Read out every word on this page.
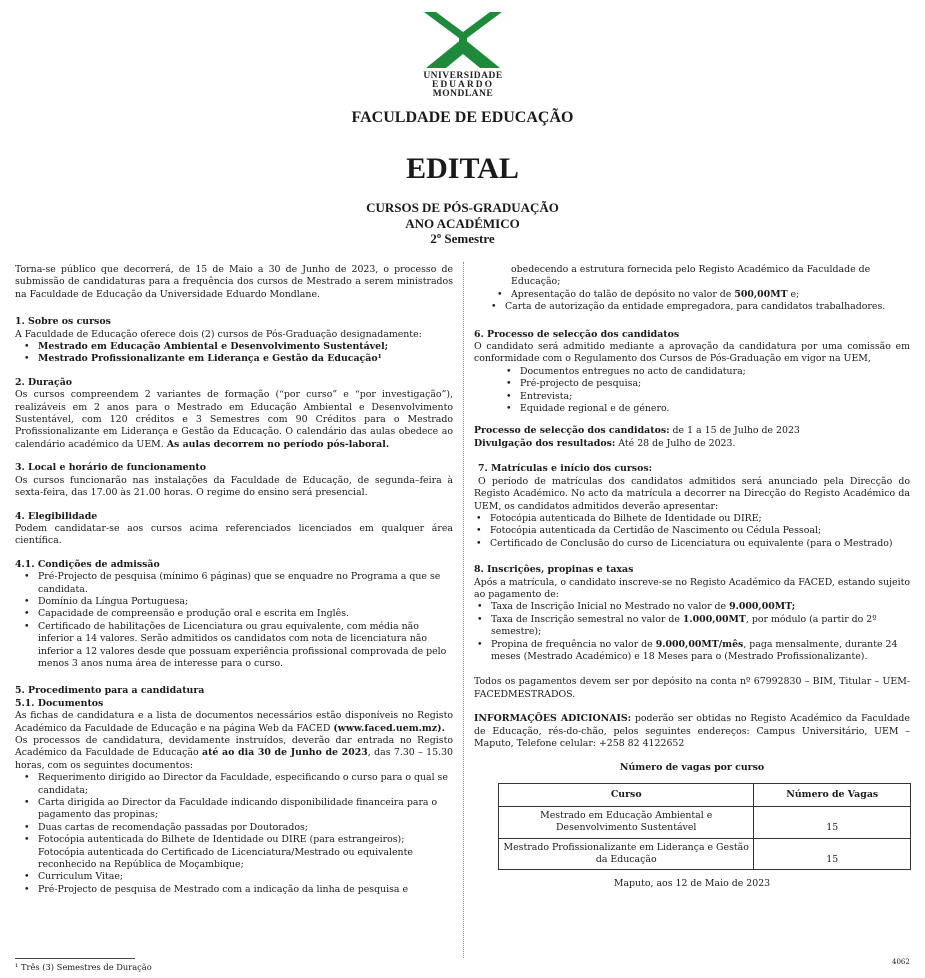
UNIVERSIDADE
EDUARDO
MONDLANE
FACULDADE DE EDUCAÇÃO
EDITAL
CURSOS DE PÓS-GRADUAÇÃO
ANO ACADÉMICO
2º Semestre

Torna-se público que decorrerá, de 15 de Maio a 30 de Junho de 2023, o processo de submissão de candidaturas para a frequência dos cursos de Mestrado a serem ministrados na Faculdade de Educação da Universidade Eduardo Mondlane.

1. Sobre os cursos

A Faculdade de Educação oferece dois (2) cursos de Pós-Graduação designadamente:

• Mestrado em Educação Ambiental e Desenvolvimento Sustentável;
• Mestrado Profissionalizante em Liderança e Gestão da Educação¹
2. Duração

Os cursos compreendem 2 variantes de formação (“por curso” e “por investigação”), realizáveis em 2 anos para o Mestrado em Educação Ambiental e Desenvolvimento Sustentável, com 120 créditos e 3 Semestres com 90 Créditos para o Mestrado Profissionalizante em Liderança e Gestão da Educação. O calendário das aulas obedece ao calendário académico da UEM. As aulas decorrem no período pós-laboral.

3. Local e horário de funcionamento

Os cursos funcionarão nas instalações da Faculdade de Educação, de segunda–feira à sexta-feira, das 17.00 às 21.00 horas. O regime do ensino será presencial.

4. Elegibilidade

Podem candidatar-se aos cursos acima referenciados licenciados em qualquer área científica.

4.1. Condições de admissão
• Pré-Projecto de pesquisa (mínimo 6 páginas) que se enquadre no Programa a que se candidata.
• Domínio da Língua Portuguesa;
• Capacidade de compreensão e produção oral e escrita em Inglês.
• Certificado de habilitações de Licenciatura ou grau equivalente, com média não inferior a 14 valores. Serão admitidos os candidatos com nota de licenciatura não inferior a 12 valores desde que possuam experiência profissional comprovada de pelo menos 3 anos numa área de interesse para o curso.
5. Procedimento para a candidatura
5.1. Documentos

As fichas de candidatura e a lista de documentos necessários estão disponíveis no Registo Académico da Faculdade de Educação e na página Web da FACED (www.faced.uem.mz).

Os processos de candidatura, devidamente instruídos, deverão dar entrada no Registo Académico da Faculdade de Educação até ao dia 30 de Junho de 2023, das 7.30 – 15.30 horas, com os seguintes documentos:

• Requerimento dirigido ao Director da Faculdade, especificando o curso para o qual se candidata;
• Carta dirigida ao Director da Faculdade indicando disponibilidade financeira para o pagamento das propinas;
• Duas cartas de recomendação passadas por Doutorados;
• Fotocópia autenticada do Bilhete de Identidade ou DIRE (para estrangeiros); Fotocópia autenticada do Certificado de Licenciatura/Mestrado ou equivalente reconhecido na República de Moçambique;
• Curriculum Vitae;
• Pré-Projecto de pesquisa de Mestrado com a indicação da linha de pesquisa e
obedecendo a estrutura fornecida pelo Registo Académico da Faculdade de Educação;
• Apresentação do talão de depósito no valor de 500,00MT e;
• Carta de autorização da entidade empregadora, para candidatos trabalhadores.
6. Processo de selecção dos candidatos

O candidato será admitido mediante a aprovação da candidatura por uma comissão em conformidade com o Regulamento dos Cursos de Pós-Graduação em vigor na UEM,

• Documentos entregues no acto de candidatura;
• Pré-projecto de pesquisa;
• Entrevista;
• Equidade regional e de género.

Processo de selecção dos candidatos: de 1 a 15 de Julho de 2023

Divulgação dos resultados: Até 28 de Julho de 2023.

7. Matrículas e início dos cursos:

O período de matrículas dos candidatos admitidos será anunciado pela Direcção do Registo Académico. No acto da matrícula a decorrer na Direcção do Registo Académico da UEM, os candidatos admitidos deverão apresentar:

• Fotocópia autenticada do Bilhete de Identidade ou DIRE;
• Fotocópia autenticada da Certidão de Nascimento ou Cédula Pessoal;
• Certificado de Conclusão do curso de Licenciatura ou equivalente (para o Mestrado)
8. Inscrições, propinas e taxas

Após a matrícula, o candidato inscreve-se no Registo Académico da FACED, estando sujeito ao pagamento de:

• Taxa de Inscrição Inicial no Mestrado no valor de 9.000,00MT;
• Taxa de Inscrição semestral no valor de 1.000,00MT, por módulo (a partir do 2º semestre);
• Propina de frequência no valor de 9.000,00MT/mês, paga mensalmente, durante 24 meses (Mestrado Académico) e 18 Meses para o (Mestrado Profissionalizante).

Todos os pagamentos devem ser por depósito na conta nº 67992830 – BIM, Titular – UEM-FACEDMESTRADOS.

INFORMAÇÕES ADICIONAIS: poderão ser obtidas no Registo Académico da Faculdade de Educação, rés-do-chão, pelos seguintes endereços: Campus Universitário, UEM – Maputo, Telefone celular: +258 82 4122652

Número de vagas por curso
Curso	Número de Vagas
Mestrado em Educação Ambiental e Desenvolvimento Sustentável	15
Mestrado Profissionalizante em Liderança e Gestão da Educação	15
Maputo, aos 12 de Maio de 2023
¹ Três (3) Semestres de Duração	4062
